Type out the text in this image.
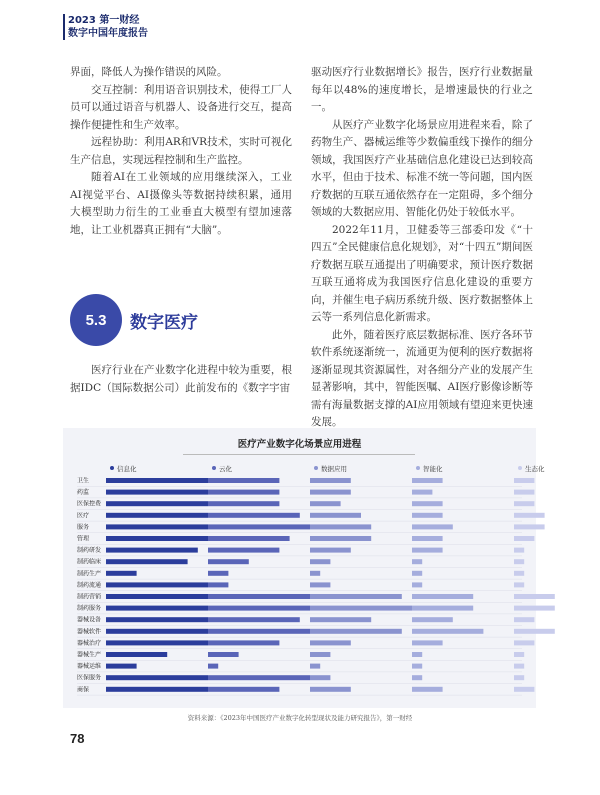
2023 第一财经
数字中国年度报告

界面，降低人为操作错误的风险。

交互控制：利用语音识别技术，使得工厂人员可以通过语音与机器人、设备进行交互，提高操作便捷性和生产效率。

远程协助：利用AR和VR技术，实时可视化生产信息，实现远程控制和生产监控。

随着AI在工业领域的应用继续深入，工业AI视觉平台、AI摄像头等数据持续积累，通用大模型助力衍生的工业垂直大模型有望加速落地，让工业机器真正拥有“大脑”。

5.3	数字医疗

医疗行业在产业数字化进程中较为重要，根据IDC（国际数据公司）此前发布的《数字宇宙

驱动医疗行业数据增长》报告，医疗行业数据量每年以48%的速度增长，是增速最快的行业之一。

从医疗产业数字化场景应用进程来看，除了药物生产、器械运维等少数偏重线下操作的细分领域，我国医疗产业基础信息化建设已达到较高水平，但由于技术、标准不统一等问题，国内医疗数据的互联互通依然存在一定阻碍，多个细分领域的大数据应用、智能化仍处于较低水平。

2022年11月，卫健委等三部委印发《“十四五”全民健康信息化规划》，对“十四五”期间医疗数据互联互通提出了明确要求，预计医疗数据互联互通将成为我国医疗信息化建设的重要方向，并催生电子病历系统升级、医疗数据整体上云等一系列信息化新需求。

此外，随着医疗底层数据标准、医疗各环节软件系统逐渐统一，流通更为便利的医疗数据将逐渐显现其资源属性，对各细分产业的发展产生显著影响，其中，智能医嘱、AI医疗影像诊断等需有海量数据支撑的AI应用领域有望迎来更快速发展。

医疗产业数字化场景应用进程
信息化	云化	数据应用	智能化	生态化
卫生
药监
医保控费
医疗
服务
管理
制药研发
制药临床
制药生产
制药流通
制药营销
制药服务
器械设备
器械软件
器械治疗
器械生产
器械运维
医保服务
商保
资料来源：《2023年中国医疗产业数字化转型现状及能力研究报告》，第一财经
78
